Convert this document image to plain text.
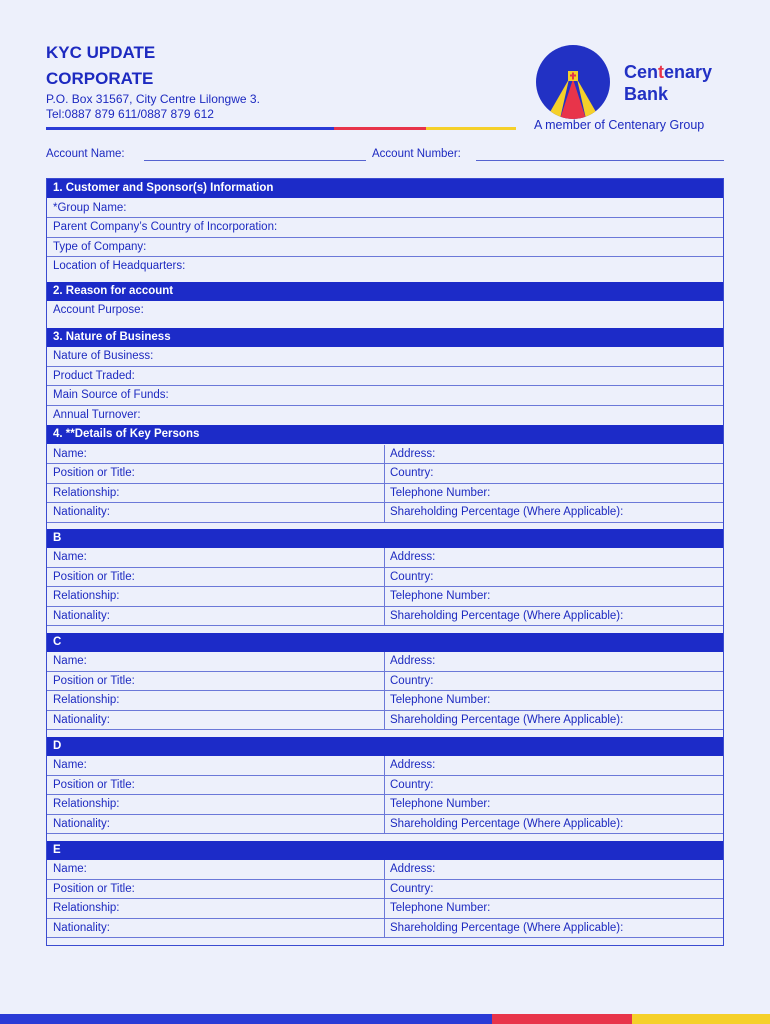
KYC UPDATE
CORPORATE
P.O. Box 31567, City Centre Lilongwe 3.
Tel:0887 879 611/0887 879 612
Centenary
Bank
A member of Centenary Group
Account Name:	Account Number:
1. Customer and Sponsor(s) Information
*Group Name:
Parent Company’s Country of Incorporation:
Type of Company:
Location of Headquarters:
2. Reason for account
Account Purpose:
3. Nature of Business
Nature of Business:
Product Traded:
Main Source of Funds:
Annual Turnover:
4. **Details of Key Persons
Name:	Address:
Position or Title:	Country:
Relationship:	Telephone Number:
Nationality:	Shareholding Percentage (Where Applicable):
B
Name:	Address:
Position or Title:	Country:
Relationship:	Telephone Number:
Nationality:	Shareholding Percentage (Where Applicable):
C
Name:	Address:
Position or Title:	Country:
Relationship:	Telephone Number:
Nationality:	Shareholding Percentage (Where Applicable):
D
Name:	Address:
Position or Title:	Country:
Relationship:	Telephone Number:
Nationality:	Shareholding Percentage (Where Applicable):
E
Name:	Address:
Position or Title:	Country:
Relationship:	Telephone Number:
Nationality:	Shareholding Percentage (Where Applicable):
